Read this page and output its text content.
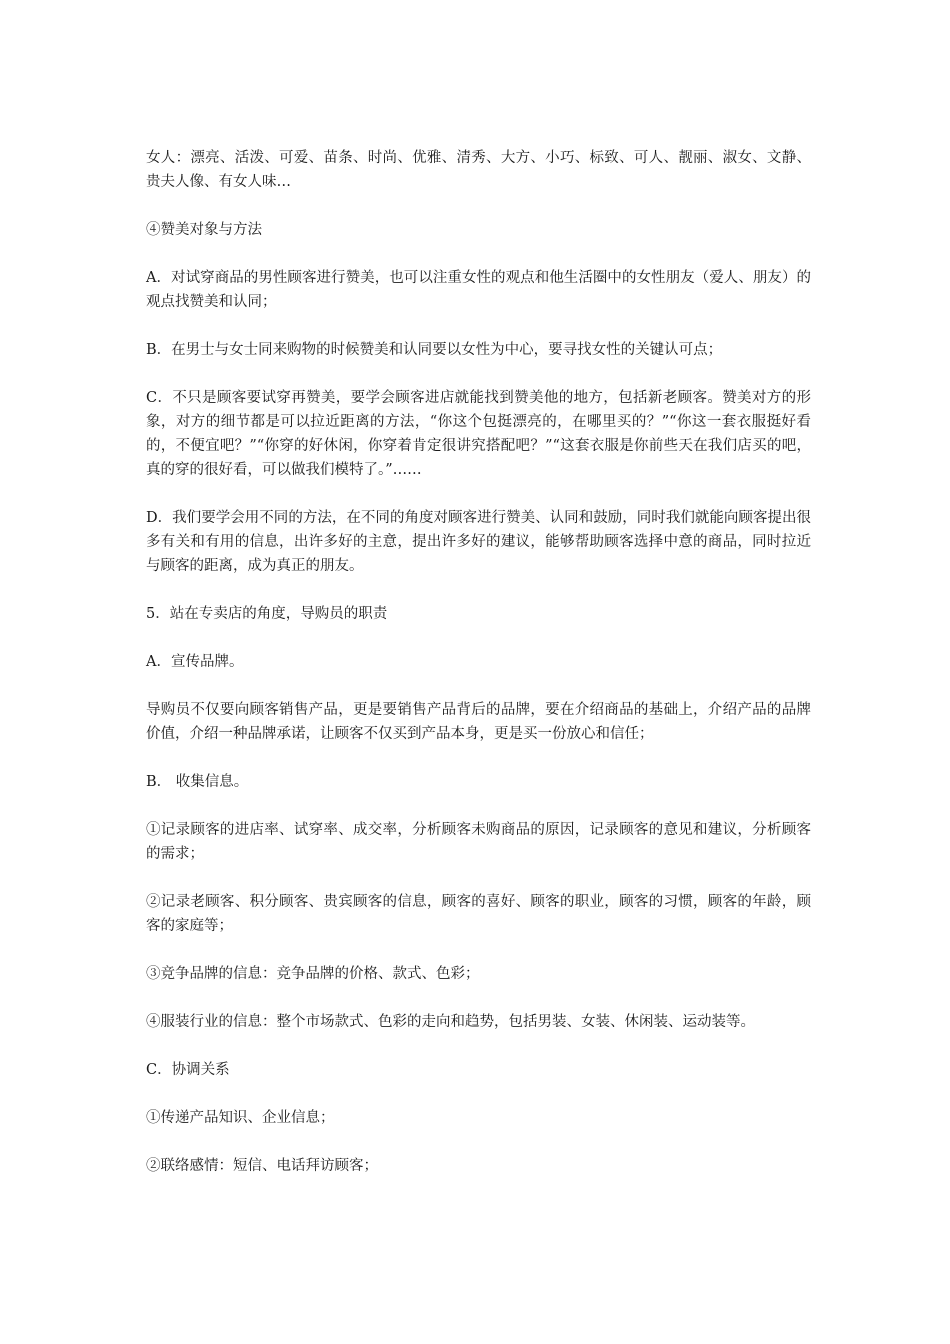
女人：漂亮、活泼、可爱、苗条、时尚、优雅、清秀、大方、小巧、标致、可人、靓丽、淑女、文静、贵夫人像、有女人味…

④赞美对象与方法

A．对试穿商品的男性顾客进行赞美，也可以注重女性的观点和他生活圈中的女性朋友（爱人、朋友）的观点找赞美和认同；

B．在男士与女士同来购物的时候赞美和认同要以女性为中心，要寻找女性的关键认可点；

C．不只是顾客要试穿再赞美，要学会顾客进店就能找到赞美他的地方，包括新老顾客。赞美对方的形象，对方的细节都是可以拉近距离的方法，“你这个包挺漂亮的，在哪里买的？”“你这一套衣服挺好看的，不便宜吧？”“你穿的好休闲，你穿着肯定很讲究搭配吧？”“这套衣服是你前些天在我们店买的吧，真的穿的很好看，可以做我们模特了。”……

D．我们要学会用不同的方法，在不同的角度对顾客进行赞美、认同和鼓励，同时我们就能向顾客提出很多有关和有用的信息，出许多好的主意，提出许多好的建议，能够帮助顾客选择中意的商品，同时拉近与顾客的距离，成为真正的朋友。

5．站在专卖店的角度，导购员的职责

A．宣传品牌。

导购员不仅要向顾客销售产品，更是要销售产品背后的品牌，要在介绍商品的基础上，介绍产品的品牌价值，介绍一种品牌承诺，让顾客不仅买到产品本身，更是买一份放心和信任；

B． 收集信息。

①记录顾客的进店率、试穿率、成交率，分析顾客未购商品的原因，记录顾客的意见和建议，分析顾客的需求；

②记录老顾客、积分顾客、贵宾顾客的信息，顾客的喜好、顾客的职业，顾客的习惯，顾客的年龄，顾客的家庭等；

③竞争品牌的信息：竞争品牌的价格、款式、色彩；

④服装行业的信息：整个市场款式、色彩的走向和趋势，包括男装、女装、休闲装、运动装等。

C．协调关系

①传递产品知识、企业信息；

②联络感情：短信、电话拜访顾客；
